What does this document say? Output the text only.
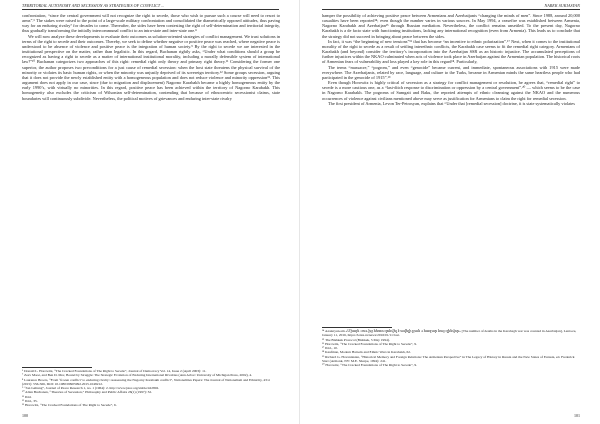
TERRITORIAL AUTONOMY AND SECESSION AS STRATEGIES OF CONFLICT ...

confrontation, “since the central government will not recognize the right to secede, those who wish to pursue such a course will need to resort to arms”.⁶ The stakes were raised to the point of a large-scale military confrontation and consolidated the diametrically opposed attitudes, thus paving way for an enduring rivalry⁷ for decades to come. Thereafter, the sides have been contesting the right of self-determination and territorial integrity, thus gradually transforming the initially intercommunal conflict to an intra-state and inter-state one.⁸

We will now analyze these developments to evaluate their outcomes as solution-oriented strategies of conflict management. We trust solutions in terms of the right to secede and their outcomes. Thereby, we seek to define whether negative or positive peace was reached, where negative peace is understood to be absence of violence and positive peace is the integration of human society.⁹ By the right to secede we are interested in the institutional perspective on the matter, rather than legalistic. In this regard, Buchanan rightly asks, “Under what conditions should a group be recognized as having a right to secede as a matter of international institutional morality, including a morally defensible system of international law?”¹⁰ Buchanan categorizes two approaches of this right: remedial right only theory and primary right theory.¹¹ Considering the former one superior, the author proposes two preconditions for a just cause of remedial secession: when the host state threatens the physical survival of the minority or violates its basic human rights, or when the minority was unjustly deprived of its sovereign territory.¹² Some groups secession, arguing that it does not provide the newly established entity with a homogeneous population and does not reduce violence and minority oppression¹³. This argument does not apply in our case, since (due to migration and displacement) Nagorno Karabakh became a highly homogeneous entity by the early 1990’s, with virtually no minorities. In this regard, positive peace has been achieved within the territory of Nagorno Karabakh. This homogeneity also excludes the criticism of Wilsonian self-determination, contending that because of ethnocentric secessionist claims, state boundaries will continuously subdivide. Nevertheless, the political motives of grievances and enduring inter-state rivalry

⁶ Donald L. Horowitz, “The Cracked Foundations of The Right to Secede”, Journal of Democracy Vol. 14, Issue 2 (April 2003): 11.
⁷ Zeev Maoz, and Ben D. Mor, Bound by Struggle: The Strategic Evolution of Enduring International Rivalries (Ann Arbor: University of Michigan Press, 2002), 4.
⁸ Laurence Broers, “From ‘frozen conflict’ to enduring rivalry: reassessing the Nagorny Karabakh conflict”, Nationalities Papers: The Journal of Nationalism and Ethnicity, 43:4 (2015): 556-566, DOI: 10.1080/00905992.2015.1048212.
⁹ “Jan Galtung”, Journal of Peace Research 1, no. 1 (1964): 2. http://www.jstor.org/stable/422802.
¹⁰ Allen Buchanan, “Theories of Secession,” Philosophy and Public Affairs 26(1) (1997): 32.
¹¹ Ibid.
¹² Ibid., 35.
¹³ Horowitz, “The Cracked Foundations of The Right to Secede”, 6.
100
NAREK SUKIASYAN

hamper the possibility of achieving positive peace between Armenians and Azerbaijanis “changing the minds of men”. Since 1988, around 20,000 casualties have been reported¹⁴; even though the number varies in various sources. In May 1994, a ceasefire was established between Armenia, Nagorno Karabakh and Azerbaijan¹⁵ through Russian mediation. Nevertheless, the conflict remains unsettled. To the present day, Nagorno Karabakh is a de facto state with functioning institutions, lacking any international recognition (even from Armenia). This leads us to conclude that the strategy did not succeed in bringing about peace between the sides.

In fact, it was “the beginning of new tensions”¹⁶ that has become “an incentive to ethnic polarization”.¹⁷ Next, when it comes to the institutional morality of the right to secede as a result of settling interethnic conflicts, the Karabakh case seems to fit the remedial right category. Armenians of Karabakh (and beyond) consider the territory’s incorporation into the Azerbaijan SSR as an historic injustice. The accumulated perceptions of further injustices within the NKAO culminated when acts of violence took place in Azerbaijan against the Armenian population. The historical roots of Armenian fears of vulnerability and loss played a key role in this regard¹⁸. Particularly,

The terms “massacre,” “pogrom,” and even “genocide” became current, and immediate, spontaneous associations with 1915 were made everywhere. The Azerbaijanis, related by race, language, and culture to the Turks, became in Armenian minds the same heartless people who had participated in the genocide of 1915”.¹⁹

Even though Horowitz is highly critical of secession as a strategy for conflict management or resolution, he agrees that, “remedial right” to secede is a more cautious one, as a “last-ditch response to discrimination or oppression by a central government”.²⁰ — which seems to be the case in Nagorno Karabakh. The pogroms of Sumgait and Baku, the reported attempts of ethnic cleansing against the NKAO and the numerous occurrences of violence against civilians mentioned above may serve as justification for Armenians to claim the right for remedial secession.

The first president of Armenia, Levon Ter-Petrosyan, explains that “Under that [remedial secession] doctrine, it is state systematically violates

¹⁴ Azatutyun.am «Միայն 1994-ից հետո զոհվել է ավելի քան 4 հազար հայ զինվոր» [The number of deaths in the Karabagh war was counted in Azerbaijan], Lenta.ru, January 11, 2016, https://lenta.ru/news/2016/01/11/lost.
¹⁵ The Bishkek Protocol (Bishkek, 5 May 1994).
¹⁶ Horowitz, “The Cracked Foundations of The Right to Secede”, 9.
¹⁷ Ibid., 10.
¹⁸ Kaufman, Modern Hatreds and Ethnic Wars in Karabakh, 62.
¹⁹ Richard G. Hovannisian, “Historical Memory and Foreign Relations: The Armenian Perspective” in The Legacy of History in Russia and the New States of Eurasia, ed. Frederick Starr (Armonk, NY: M.E. Sharpe, 1994): 241.
²⁰ Horowitz, “The Cracked Foundations of The Right to Secede”, 9.
101
